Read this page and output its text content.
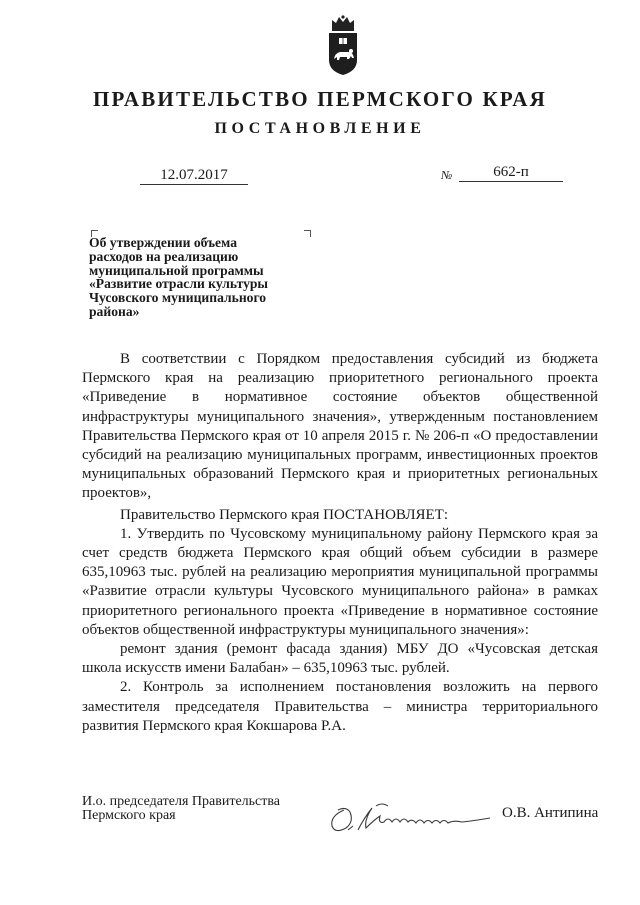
ПРАВИТЕЛЬСТВО ПЕРМСКОГО КРАЯ
ПОСТАНОВЛЕНИЕ
12.07.2017	№	662-п
Об утверждении объема
расходов на реализацию
муниципальной программы
«Развитие отрасли культуры
Чусовского муниципального
района»

В соответствии с Порядком предоставления субсидий из бюджета Пермского края на реализацию приоритетного регионального проекта «Приведение в нормативное состояние объектов общественной инфраструктуры муниципального значения», утвержденным постановлением Правительства Пермского края от 10 апреля 2015 г. № 206-п «О предоставлении субсидий на реализацию муниципальных программ, инвестиционных проектов муниципальных образований Пермского края и приоритетных региональных проектов»,

Правительство Пермского края ПОСТАНОВЛЯЕТ:

1. Утвердить по Чусовскому муниципальному району Пермского края за счет средств бюджета Пермского края общий объем субсидии в размере 635,10963 тыс. рублей на реализацию мероприятия муниципальной программы «Развитие отрасли культуры Чусовского муниципального района» в рамках приоритетного регионального проекта «Приведение в нормативное состояние объектов общественной инфраструктуры муниципального значения»:

ремонт здания (ремонт фасада здания) МБУ ДО «Чусовская детская школа искусств имени Балабан» – 635,10963 тыс. рублей.

2. Контроль за исполнением постановления возложить на первого заместителя председателя Правительства – министра территориального развития Пермского края Кокшарова Р.А.

И.о. председателя Правительства
Пермского края	О.В. Антипина
